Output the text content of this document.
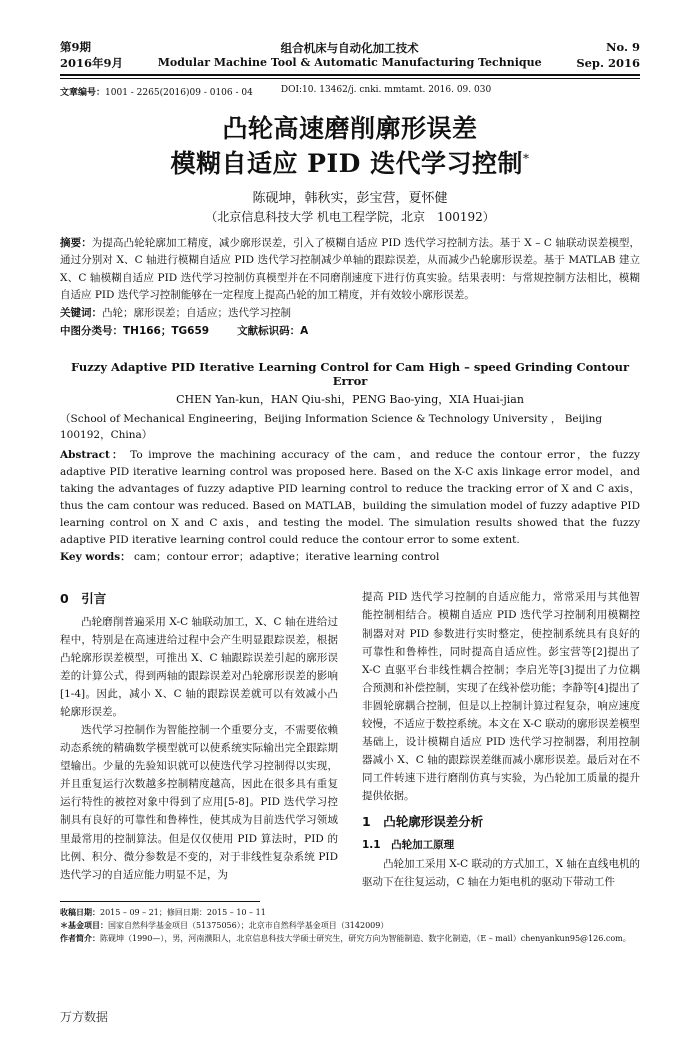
第9期
2016年9月
组合机床与自动化加工技术
Modular Machine Tool & Automatic Manufacturing Technique
No. 9
Sep. 2016
文章编号：1001 - 2265(2016)09 - 0106 - 04	DOI:10. 13462/j. cnki. mmtamt. 2016. 09. 030
凸轮高速磨削廓形误差
模糊自适应 PID 迭代学习控制*
陈砚坤，韩秋实，彭宝营，夏怀健
（北京信息科技大学 机电工程学院，北京　100192）
摘要：为提高凸轮轮廓加工精度，减少廓形误差，引入了模糊自适应 PID 迭代学习控制方法。基于 X – C 轴联动误差模型，通过分别对 X、C 轴进行模糊自适应 PID 迭代学习控制减少单轴的跟踪误差，从而减少凸轮廓形误差。基于 MATLAB 建立 X、C 轴模糊自适应 PID 迭代学习控制仿真模型并在不同磨削速度下进行仿真实验。结果表明：与常规控制方法相比，模糊自适应 PID 迭代学习控制能够在一定程度上提高凸轮的加工精度，并有效较小廓形误差。
关键词：凸轮；廓形误差；自适应；迭代学习控制
中图分类号：TH166；TG659	文献标识码：A
Fuzzy Adaptive PID Iterative Learning Control for Cam High – speed Grinding Contour Error
CHEN Yan-kun，HAN Qiu-shi，PENG Bao-ying，XIA Huai-jian
（School of Mechanical Engineering，Beijing Information Science & Technology University ， Beijing 100192，China）
Abstract： To improve the machining accuracy of the cam，and reduce the contour error，the fuzzy adaptive PID iterative learning control was proposed here. Based on the X-C axis linkage error model，and taking the advantages of fuzzy adaptive PID learning control to reduce the tracking error of X and C axis，thus the cam contour was reduced. Based on MATLAB，building the simulation model of fuzzy adaptive PID learning control on X and C axis，and testing the model. The simulation results showed that the fuzzy adaptive PID iterative learning control could reduce the contour error to some extent.
Key words： cam；contour error；adaptive；iterative learning control
0　引言

凸轮磨削普遍采用 X-C 轴联动加工，X、C 轴在进给过程中，特别是在高速进给过程中会产生明显跟踪误差，根据凸轮廓形误差模型，可推出 X、C 轴跟踪误差引起的廓形误差的计算公式，得到两轴的跟踪误差对凸轮廓形误差的影响[1-4]。因此，减小 X、C 轴的跟踪误差就可以有效减小凸轮廓形误差。

迭代学习控制作为智能控制一个重要分支，不需要依赖动态系统的精确数学模型就可以使系统实际输出完全跟踪期望输出。少量的先验知识就可以使迭代学习控制得以实现，并且重复运行次数越多控制精度越高，因此在很多具有重复运行特性的被控对象中得到了应用[5-8]。PID 迭代学习控制具有良好的可靠性和鲁棒性，使其成为目前迭代学习领域里最常用的控制算法。但是仅仅使用 PID 算法时，PID 的比例、积分、微分参数是不变的，对于非线性复杂系统 PID 迭代学习的自适应能力明显不足，为

提高 PID 迭代学习控制的自适应能力，常常采用与其他智能控制相结合。模糊自适应 PID 迭代学习控制利用模糊控制器对对 PID 参数进行实时整定，使控制系统具有良好的可靠性和鲁棒性，同时提高自适应性。彭宝营等[2]提出了 X-C 直驱平台非线性耦合控制；李启光等[3]提出了力位耦合预测和补偿控制，实现了在线补偿功能；李静等[4]提出了非圆轮廓耦合控制，但是以上控制计算过程复杂，响应速度较慢，不适应于数控系统。本文在 X-C 联动的廓形误差模型基础上，设计模糊自适应 PID 迭代学习控制器，利用控制器减小 X、C 轴的跟踪误差继而减小廓形误差。最后对在不同工件转速下进行磨削仿真与实验，为凸轮加工质量的提升提供依据。

1　凸轮廓形误差分析
1.1　凸轮加工原理

凸轮加工采用 X-C 联动的方式加工，X 轴在直线电机的驱动下在往复运动，C 轴在力矩电机的驱动下带动工件

收稿日期：2015 – 09 – 21；修回日期：2015 – 10 – 11
＊基金项目：国家自然科学基金项目（51375056）；北京市自然科学基金项目（3142009）
作者简介：陈砚坤（1990—），男，河南濮阳人，北京信息科技大学硕士研究生，研究方向为智能制造、数字化制造，（E – mail）chenyankun95@126.com。
万方数据
